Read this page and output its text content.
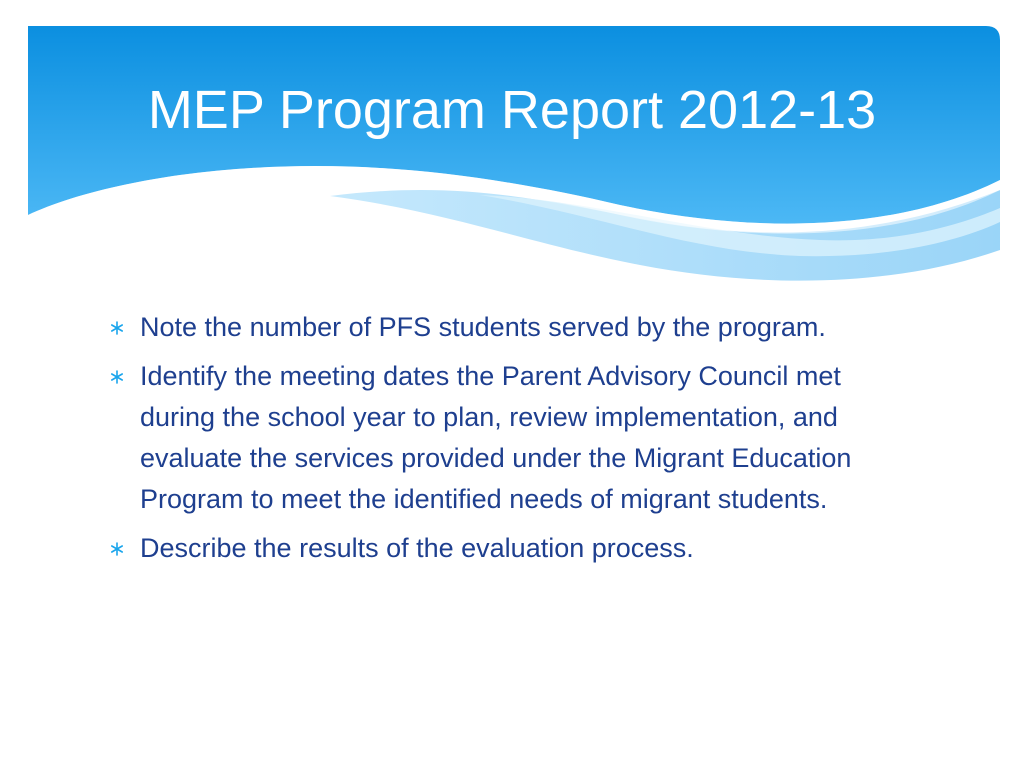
MEP Program Report 2012-13
Note the number of PFS students served by the program.
Identify the meeting dates the Parent Advisory Council met during the school year to plan, review implementation, and evaluate the services provided under the Migrant Education Program to meet the identified needs of migrant students.
Describe the results of the evaluation process.
